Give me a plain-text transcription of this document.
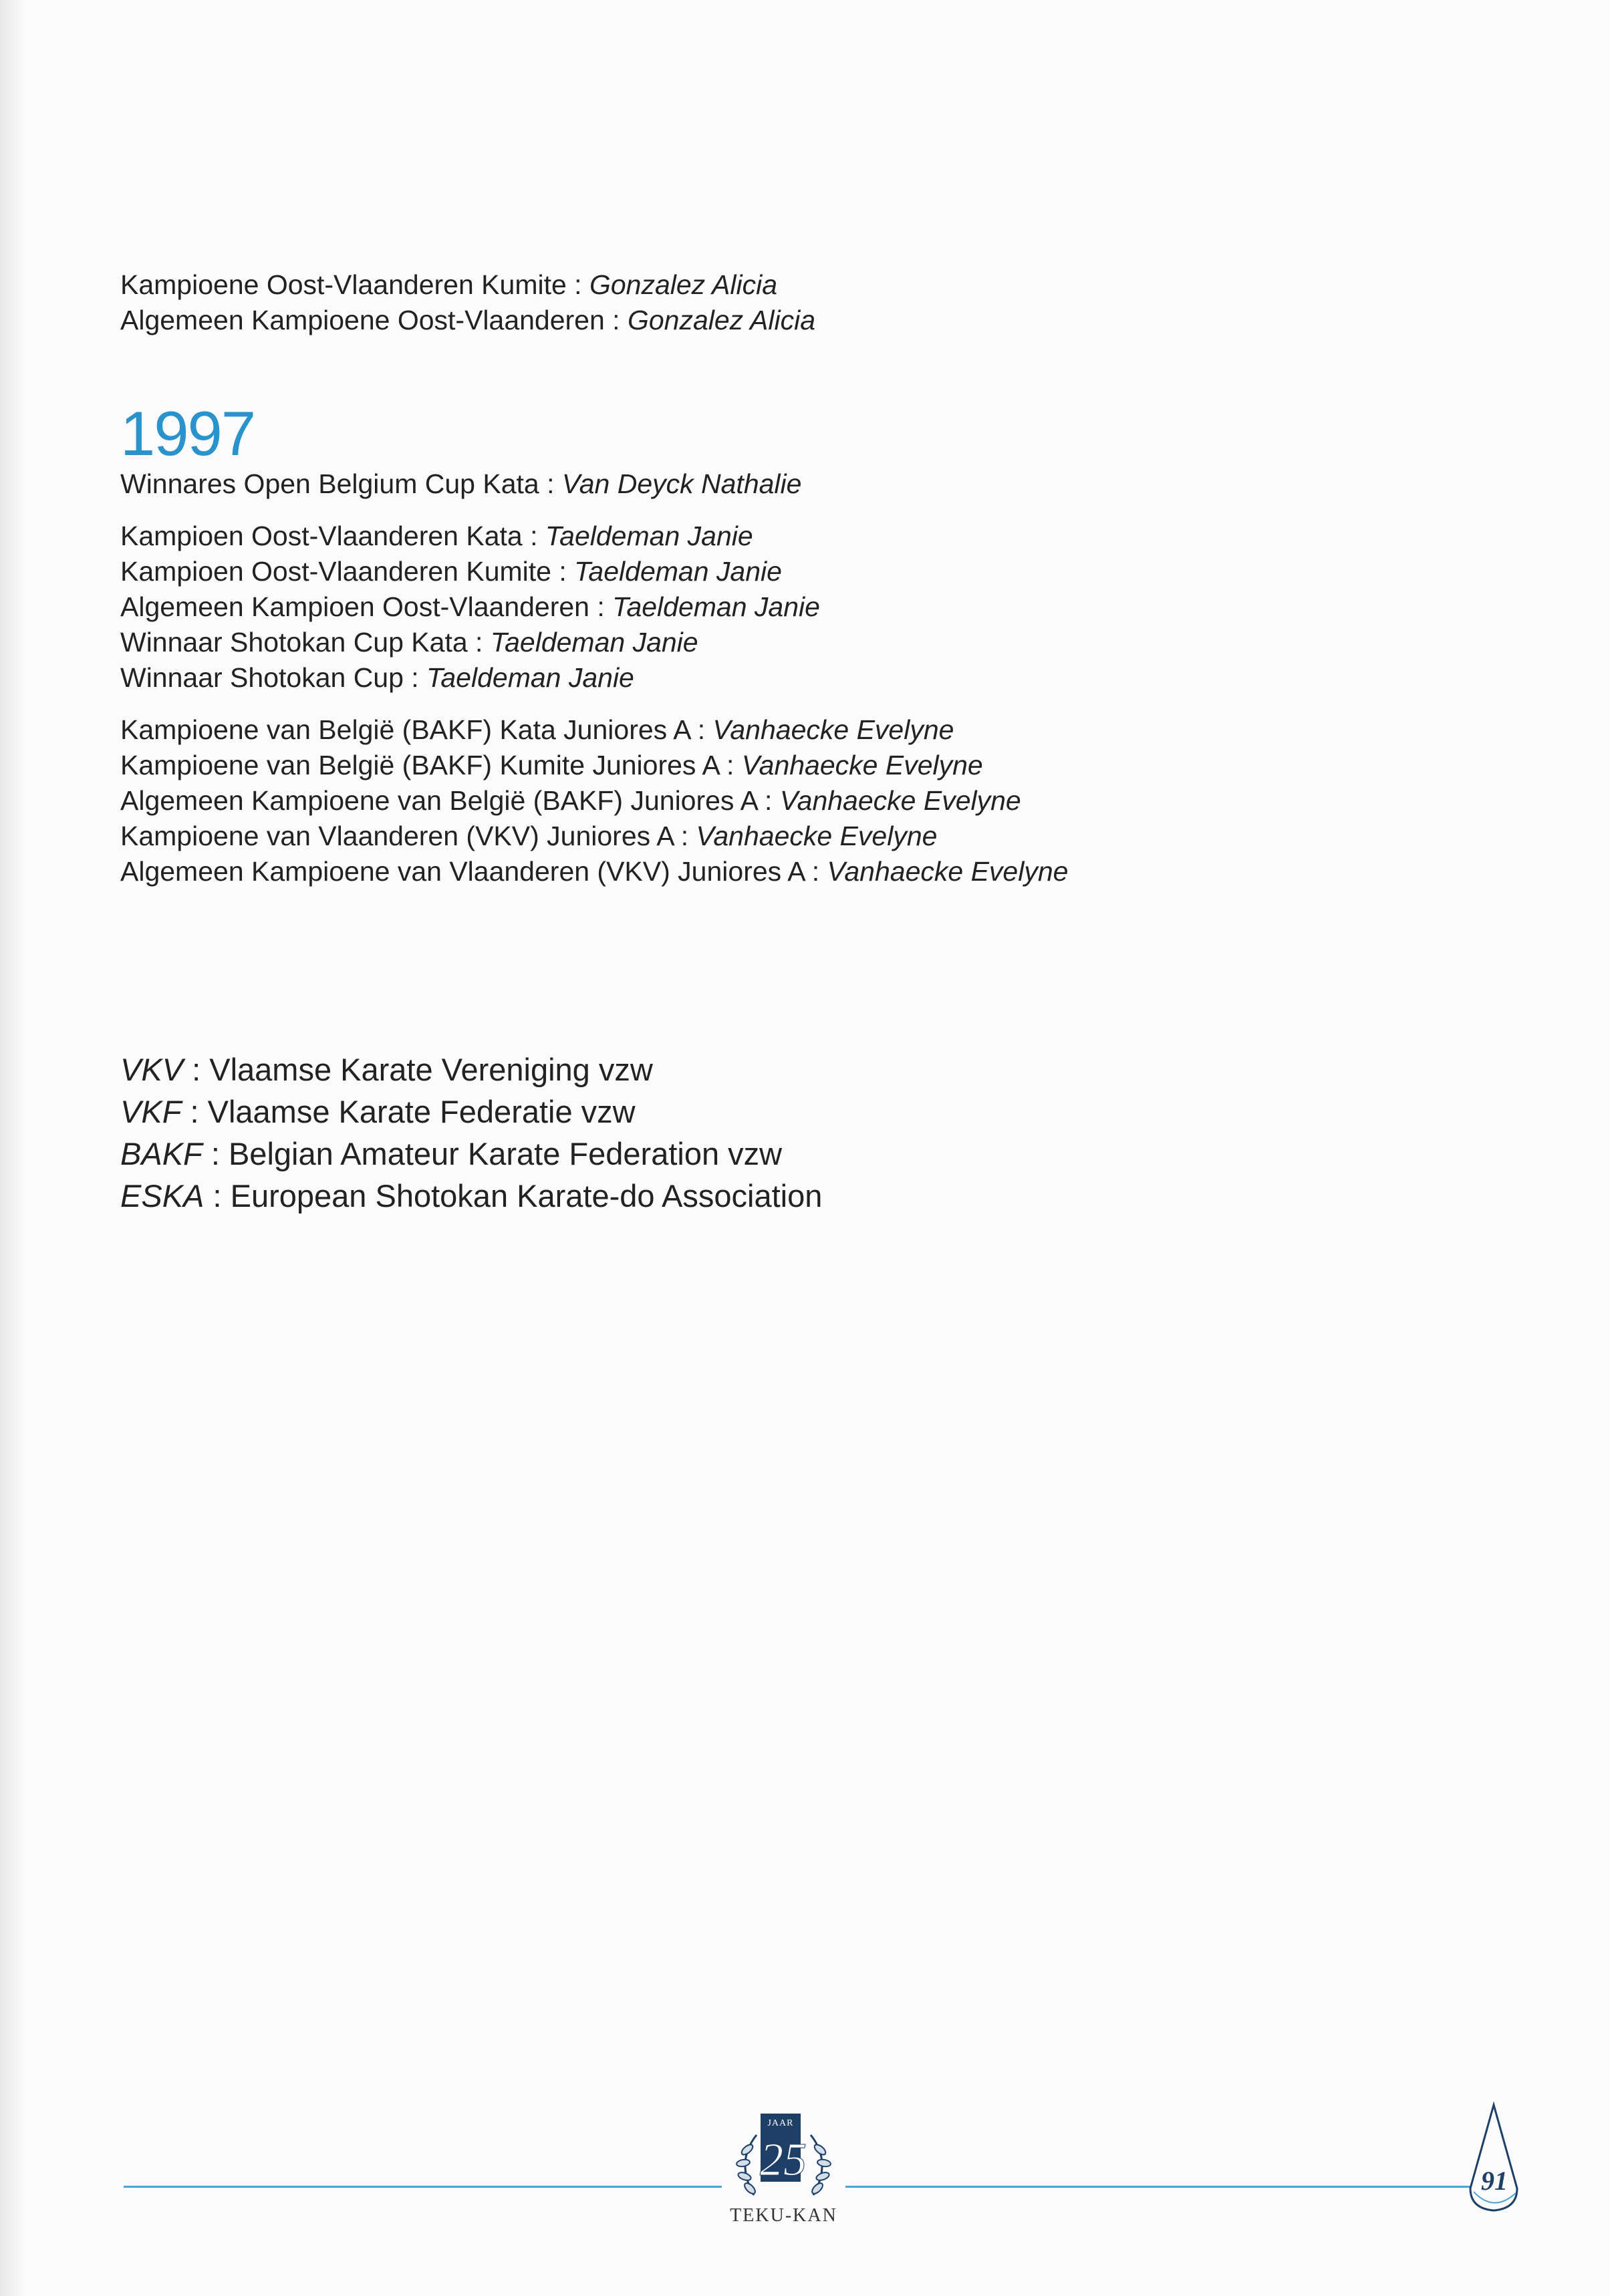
Kampioene Oost-Vlaanderen Kumite : Gonzalez Alicia
Algemeen Kampioene Oost-Vlaanderen : Gonzalez Alicia
1997
Winnares Open Belgium Cup Kata : Van Deyck Nathalie
Kampioen Oost-Vlaanderen Kata : Taeldeman Janie
Kampioen Oost-Vlaanderen Kumite : Taeldeman Janie
Algemeen Kampioen Oost-Vlaanderen : Taeldeman Janie
Winnaar Shotokan Cup Kata : Taeldeman Janie
Winnaar Shotokan Cup : Taeldeman Janie
Kampioene van België (BAKF) Kata Juniores A : Vanhaecke Evelyne
Kampioene van België (BAKF) Kumite Juniores A : Vanhaecke Evelyne
Algemeen Kampioene van België (BAKF) Juniores A : Vanhaecke Evelyne
Kampioene van Vlaanderen (VKV) Juniores A : Vanhaecke Evelyne
Algemeen Kampioene van Vlaanderen (VKV) Juniores A : Vanhaecke Evelyne
VKV : Vlaamse Karate Vereniging vzw
VKF : Vlaamse Karate Federatie vzw
BAKF : Belgian Amateur Karate Federation vzw
ESKA : European Shotokan Karate-do Association
JAAR
25
TEKU-KAN
91
